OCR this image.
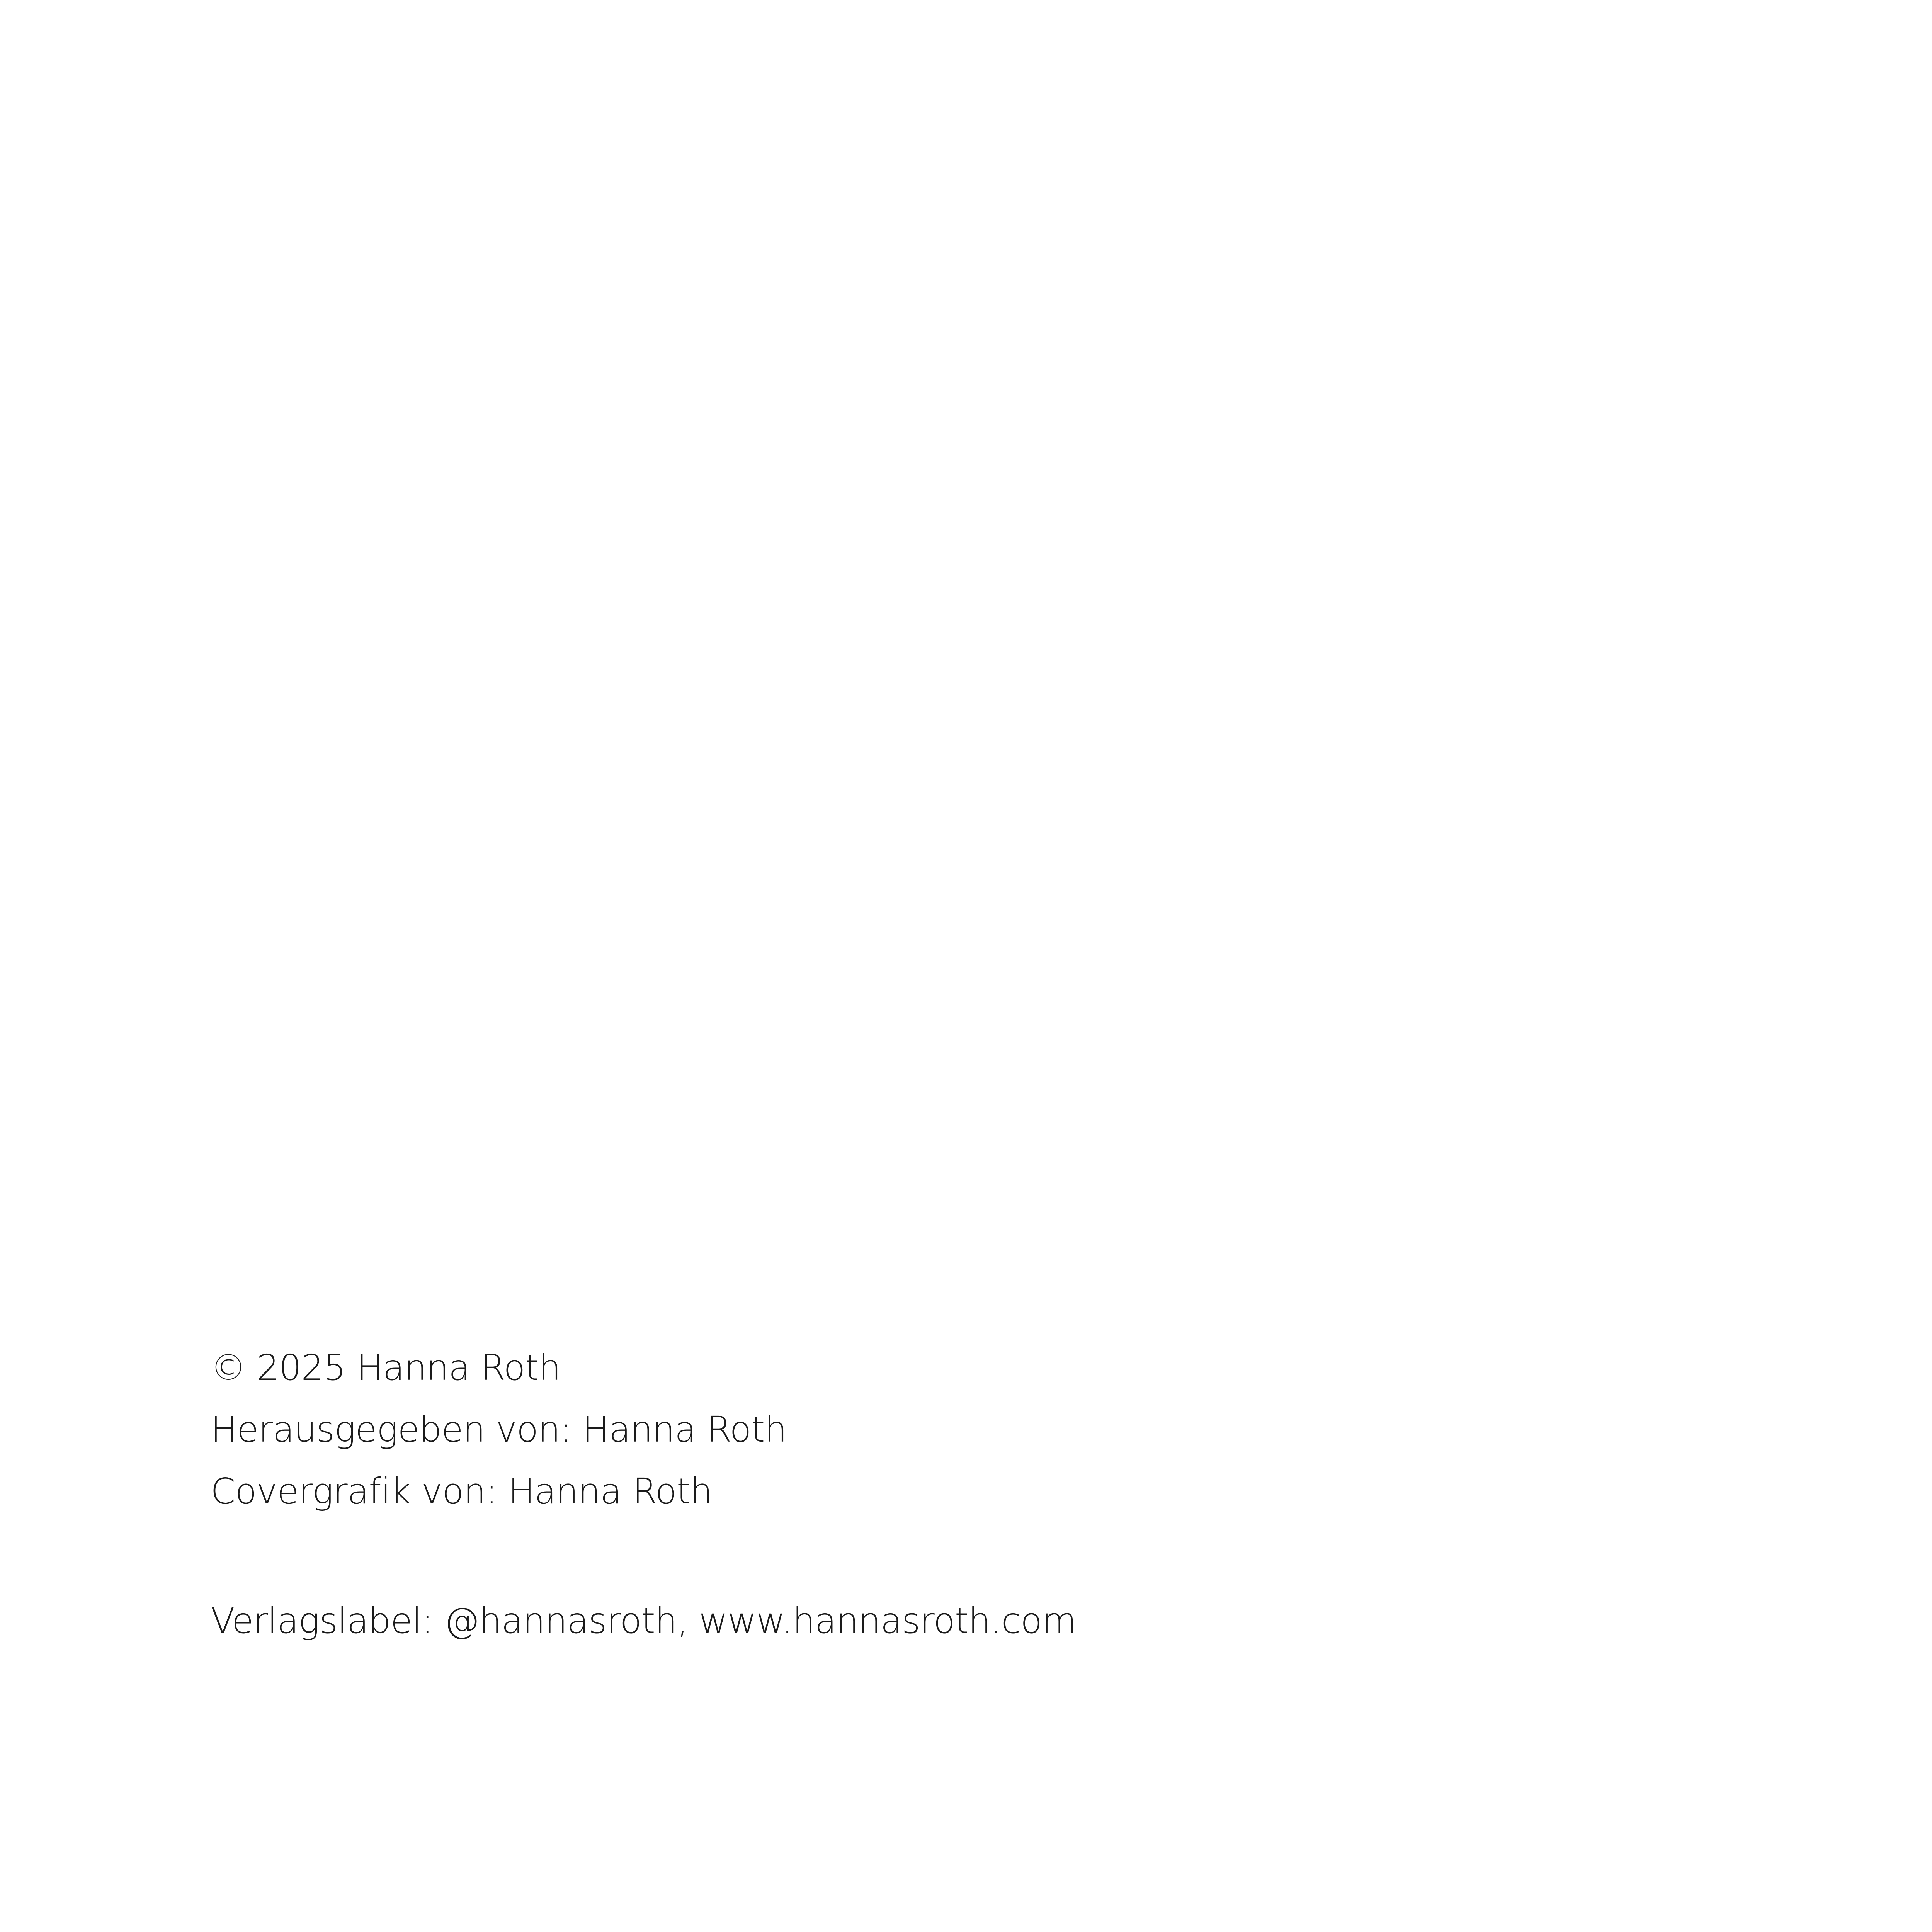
© 2025 Hanna Roth

Herausgegeben von: Hanna Roth

Covergrafik von: Hanna Roth

Verlagslabel: @hannasroth, www.hannasroth.com
